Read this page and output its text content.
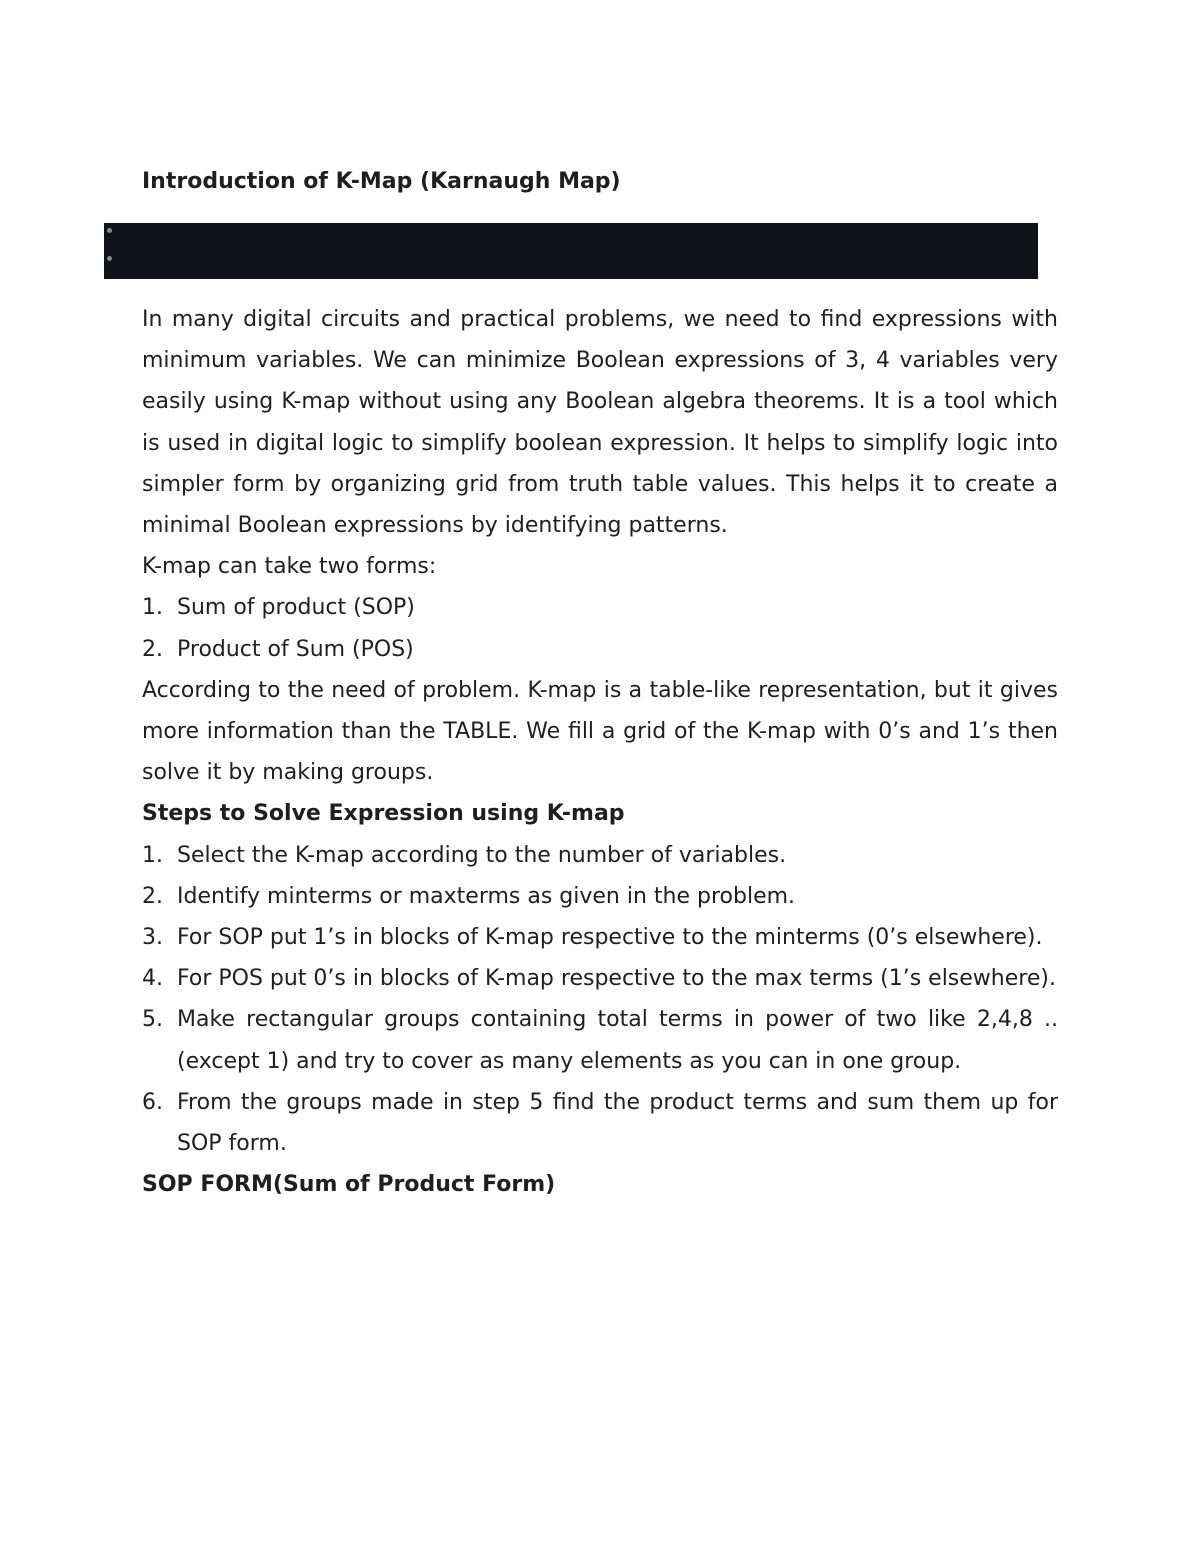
Introduction of K-Map (Karnaugh Map)

In many digital circuits and practical problems, we need to find expressions with minimum variables. We can minimize Boolean expressions of 3, 4 variables very easily using K-map without using any Boolean algebra theorems. It is a tool which is used in digital logic to simplify boolean expression. It helps to simplify logic into simpler form by organizing grid from truth table values. This helps it to create a minimal Boolean expressions by identifying patterns.

K-map can take two forms:

1. Sum of product (SOP)
2. Product of Sum (POS)

According to the need of problem. K-map is a table-like representation, but it gives more information than the TABLE. We fill a grid of the K-map with 0’s and 1’s then solve it by making groups.

Steps to Solve Expression using K-map

1. Select the K-map according to the number of variables.
2. Identify minterms or maxterms as given in the problem.
3. For SOP put 1’s in blocks of K-map respective to the minterms (0’s elsewhere).
4. For POS put 0’s in blocks of K-map respective to the max terms (1’s elsewhere).
5. Make rectangular groups containing total terms in power of two like 2,4,8 ..(except 1) and try to cover as many elements as you can in one group.
6. From the groups made in step 5 find the product terms and sum them up for SOP form.

SOP FORM(Sum of Product Form)
